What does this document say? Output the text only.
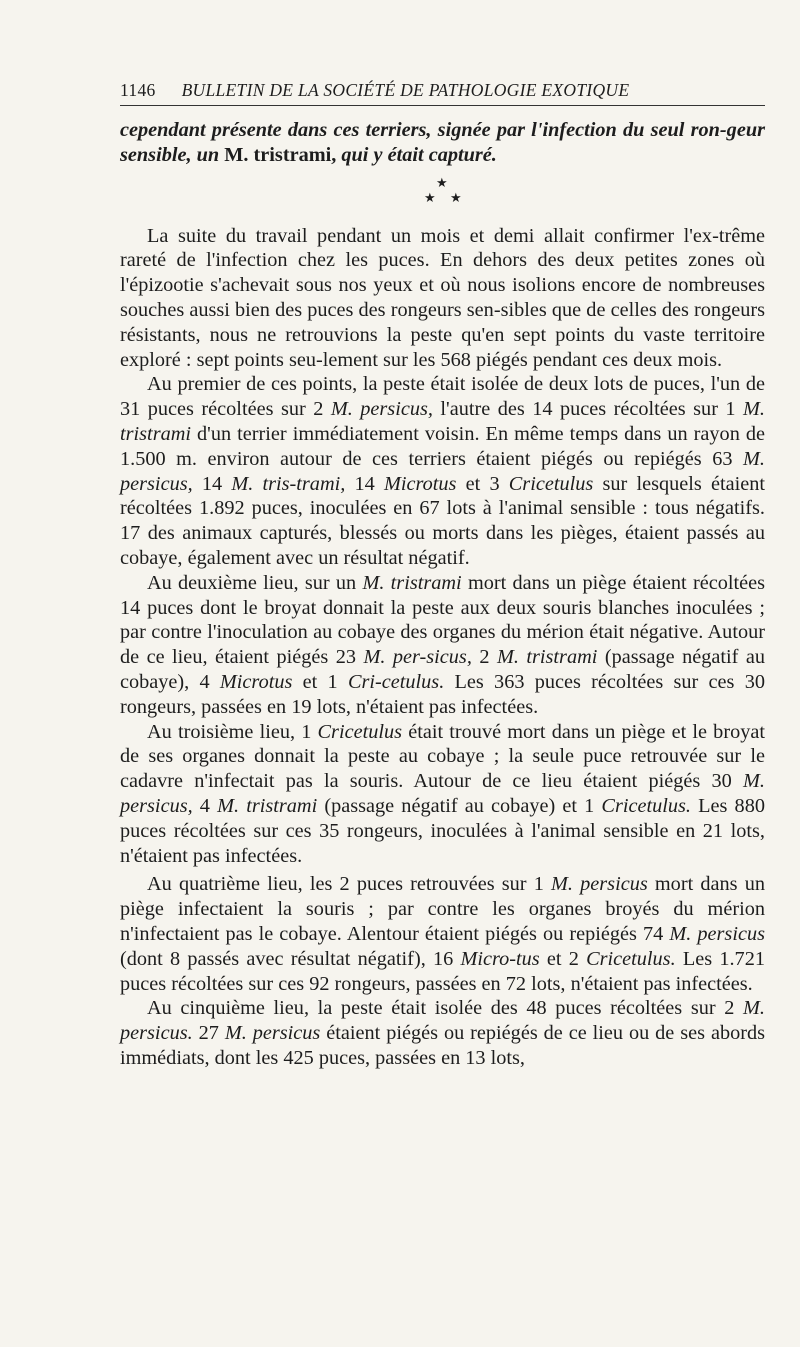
1146 BULLETIN DE LA SOCIÉTÉ DE PATHOLOGIE EXOTIQUE

cependant présente dans ces terriers, signée par l'infection du seul ron-geur sensible, un M. tristrami, qui y était capturé.

★
★ ★

La suite du travail pendant un mois et demi allait confirmer l'ex-trême rareté de l'infection chez les puces. En dehors des deux petites zones où l'épizootie s'achevait sous nos yeux et où nous isolions encore de nombreuses souches aussi bien des puces des rongeurs sen-sibles que de celles des rongeurs résistants, nous ne retrouvions la peste qu'en sept points du vaste territoire exploré : sept points seu-lement sur les 568 piégés pendant ces deux mois.

Au premier de ces points, la peste était isolée de deux lots de puces, l'un de 31 puces récoltées sur 2 M. persicus, l'autre des 14 puces récoltées sur 1 M. tristrami d'un terrier immédiatement voisin. En même temps dans un rayon de 1.500 m. environ autour de ces terriers étaient piégés ou repiégés 63 M. persicus, 14 M. tris-trami, 14 Microtus et 3 Cricetulus sur lesquels étaient récoltées 1.892 puces, inoculées en 67 lots à l'animal sensible : tous négatifs. 17 des animaux capturés, blessés ou morts dans les pièges, étaient passés au cobaye, également avec un résultat négatif.

Au deuxième lieu, sur un M. tristrami mort dans un piège étaient récoltées 14 puces dont le broyat donnait la peste aux deux souris blanches inoculées ; par contre l'inoculation au cobaye des organes du mérion était négative. Autour de ce lieu, étaient piégés 23 M. per-sicus, 2 M. tristrami (passage négatif au cobaye), 4 Microtus et 1 Cri-cetulus. Les 363 puces récoltées sur ces 30 rongeurs, passées en 19 lots, n'étaient pas infectées.

Au troisième lieu, 1 Cricetulus était trouvé mort dans un piège et le broyat de ses organes donnait la peste au cobaye ; la seule puce retrouvée sur le cadavre n'infectait pas la souris. Autour de ce lieu étaient piégés 30 M. persicus, 4 M. tristrami (passage négatif au cobaye) et 1 Cricetulus. Les 880 puces récoltées sur ces 35 rongeurs, inoculées à l'animal sensible en 21 lots, n'étaient pas infectées.

Au quatrième lieu, les 2 puces retrouvées sur 1 M. persicus mort dans un piège infectaient la souris ; par contre les organes broyés du mérion n'infectaient pas le cobaye. Alentour étaient piégés ou repiégés 74 M. persicus (dont 8 passés avec résultat négatif), 16 Micro-tus et 2 Cricetulus. Les 1.721 puces récoltées sur ces 92 rongeurs, passées en 72 lots, n'étaient pas infectées.

Au cinquième lieu, la peste était isolée des 48 puces récoltées sur 2 M. persicus. 27 M. persicus étaient piégés ou repiégés de ce lieu ou de ses abords immédiats, dont les 425 puces, passées en 13 lots,
